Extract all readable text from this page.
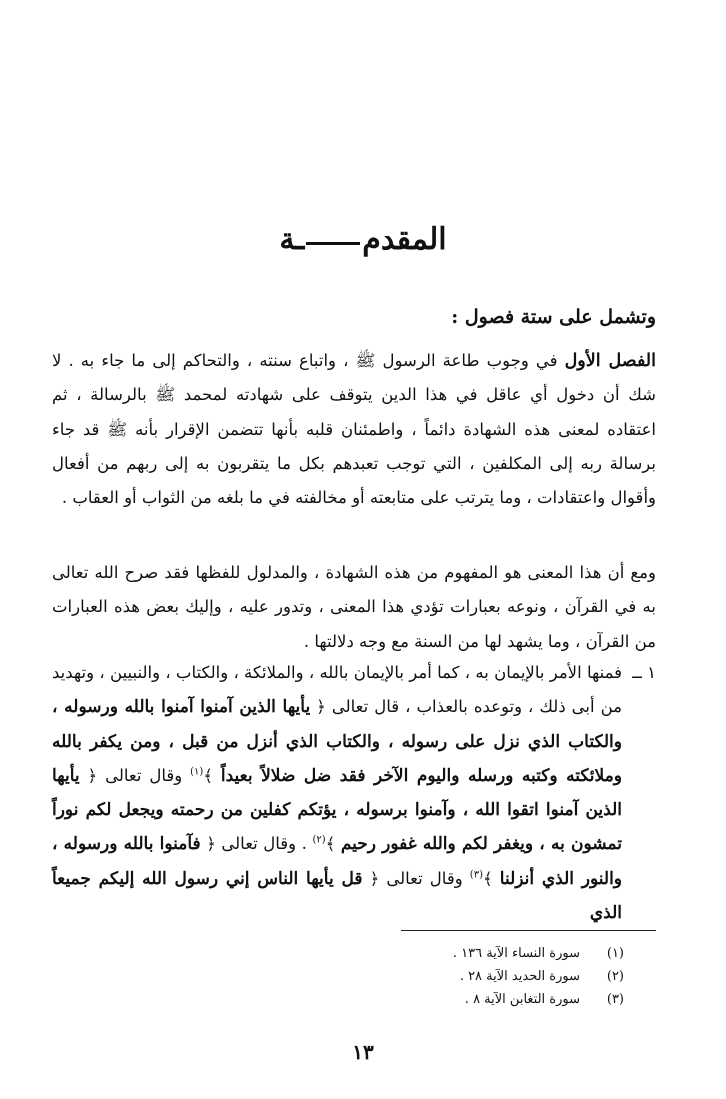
المقدم
ـة
وتشمل على ستة فصول :
الفصل الأول في وجوب طاعة الرسول ﷺ ، واتباع سنته ، والتحاكم إلى ما جاء به . لا شك أن دخول أي عاقل في هذا الدين يتوقف على شهادته لمحمد ﷺ بالرسالة ، ثم اعتقاده لمعنى هذه الشهادة دائماً ، واطمئنان قلبه بأنها تتضمن الإقرار بأنه ﷺ قد جاء برسالة ربه إلى المكلفين ، التي توجب تعبدهم بكل ما يتقربون به إلى ربهم من أفعال وأقوال واعتقادات ، وما يترتب على متابعته أو مخالفته في ما بلغه من الثواب أو العقاب .
ومع أن هذا المعنى هو المفهوم من هذه الشهادة ، والمدلول للفظها فقد صرح الله تعالى به في القرآن ، ونوعه بعبارات تؤدي هذا المعنى ، وتدور عليه ، وإليك بعض هذه العبارات من القرآن ، وما يشهد لها من السنة مع وجه دلالتها .
١ ــ
فمنها الأمر بالإيمان به ، كما أمر بالإيمان بالله ، والملائكة ، والكتاب ، والنبيين ، وتهديد من أبى ذلك ، وتوعده بالعذاب ، قال تعالى ﴿ يأيها الذين آمنوا آمنوا بالله ورسوله ، والكتاب الذي نزل على رسوله ، والكتاب الذي أنزل من قبل ، ومن يكفر بالله وملائكته وكتبه ورسله واليوم الآخر فقد ضل ضلالاً بعيداً ﴾$^{(١)}$ وقال تعالى ﴿ يأيها الذين آمنوا اتقوا الله ، وآمنوا برسوله ، يؤتكم كفلين من رحمته ويجعل لكم نوراً تمشون به ، ويغفر لكم والله غفور رحيم ﴾$^{(٢)}$ . وقال تعالى ﴿ فآمنوا بالله ورسوله ، والنور الذي أنزلنا ﴾$^{(٣)}$ وقال تعالى ﴿ قل يأيها الناس إني رسول الله إليكم جميعاً الذي
(١)
سورة النساء الآية ١٣٦ .
(٢)
سورة الحديد الآية ٢٨ .
(٣)
سورة التغابن الآية ٨ .
١٣
